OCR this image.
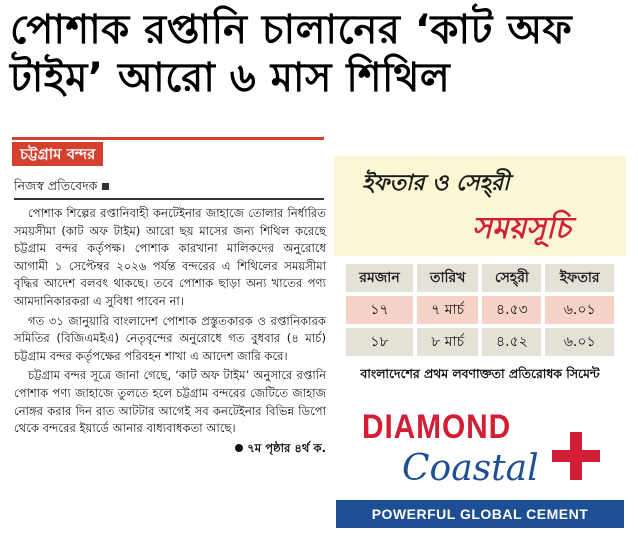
পোশাক রপ্তানি চালানের ‘কাট অফ
টাইম’ আরো ৬ মাস শিথিল
চট্টগ্রাম বন্দর
নিজস্ব প্রতিবেদক

পোশাক শিল্পের রপ্তানিবাহী কনটেইনার জাহাজে তোলার নির্ধারিত সময়সীমা (কাট অফ টাইম) আরো ছয় মাসের জন্য শিথিল করেছে চট্টগ্রাম বন্দর কর্তৃপক্ষ। পোশাক কারখানা মালিকদের অনুরোধে আগামী ১ সেপ্টেম্বর ২০২৬ পর্যন্ত বন্দরের এ শিথিলের সময়সীমা বৃদ্ধির আদেশ বলবৎ থাকছে। তবে পোশাক ছাড়া অন্য খাতের পণ্য আমদানিকারকরা এ সুবিধা পাবেন না।

গত ৩১ জানুয়ারি বাংলাদেশ পোশাক প্রস্তুতকারক ও রপ্তানিকারক সমিতির (বিজিএমইএ) নেতৃবৃন্দের অনুরোধে গত বুধবার (৪ মার্চ) চট্টগ্রাম বন্দর কর্তৃপক্ষের পরিবহন শাখা এ আদেশ জারি করে।

চট্টগ্রাম বন্দর সূত্রে জানা গেছে, ‘কাট অফ টাইম’ অনুসারে রপ্তানি পোশাক পণ্য জাহাজে তুলতে হলে চট্টগ্রাম বন্দরের জেটিতে জাহাজ নোঙ্গর করার দিন রাত আটটার আগেই সব কনটেইনার বিভিন্ন ডিপো থেকে বন্দরের ইয়ার্ডে আনার বাধ্যবাধকতা আছে।

৭ম পৃষ্ঠার ৪র্থ ক.
ইফতার ও সেহ্‌রী
সময়সূচি
রমজান	তারিখ	সেহ্‌রী	ইফতার
১৭	৭ মার্চ	৪.৫৩	৬.০১
১৮	৮ মার্চ	৪.৫২	৬.০১
বাংলাদেশের প্রথম লবণাক্ততা প্রতিরোধক সিমেন্ট
DIAMOND
Coastal
POWERFUL GLOBAL CEMENT
